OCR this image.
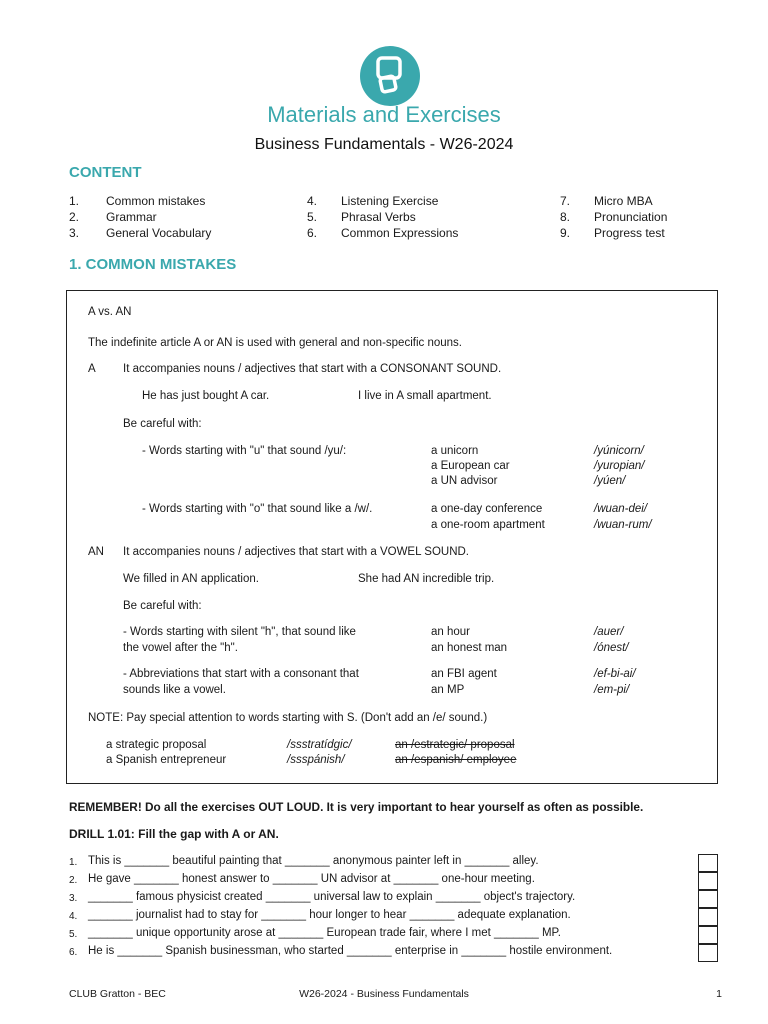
Materials and Exercises
Business Fundamentals - W26-2024
CONTENT
1.	Common mistakes
2.	Grammar
3.	General Vocabulary
4.	Listening Exercise
5.	Phrasal Verbs
6.	Common Expressions
7.	Micro MBA
8.	Pronunciation
9.	Progress test
1. COMMON MISTAKES
A vs. AN
The indefinite article A or AN is used with general and non-specific nouns.
A It accompanies nouns / adjectives that start with a CONSONANT SOUND.
He has just bought A car.	I live in A small apartment.
Be careful with:
- Words starting with "u" that sound /yu/:	a unicorn	/yúnicorn/
a European car	/yuropian/
a UN advisor	/yúen/
- Words starting with "o" that sound like a /w/.	a one-day conference	/wuan-dei/
a one-room apartment	/wuan-rum/
AN It accompanies nouns / adjectives that start with a VOWEL SOUND.
We filled in AN application.	She had AN incredible trip.
Be careful with:
- Words starting with silent "h", that sound like
the vowel after the "h".
an hour	/auer/
an honest man	/ónest/
- Abbreviations that start with a consonant that
sounds like a vowel.
an FBI agent	/ef-bi-ai/
an MP	/em-pi/
NOTE: Pay special attention to words starting with S. (Don't add an /e/ sound.)
a strategic proposal	/ssstratídgic/	an /estrategic/ proposal
a Spanish entrepreneur	/ssspánish/	an /espanish/ employee
REMEMBER! Do all the exercises OUT LOUD. It is very important to hear yourself as often as possible.
DRILL 1.01: Fill the gap with A or AN.
1. This is _______ beautiful painting that _______ anonymous painter left in _______ alley.
2. He gave _______ honest answer to _______ UN advisor at _______ one-hour meeting.
3. _______ famous physicist created _______ universal law to explain _______ object's trajectory.
4. _______ journalist had to stay for _______ hour longer to hear _______ adequate explanation.
5. _______ unique opportunity arose at _______ European trade fair, where I met _______ MP.
6. He is _______ Spanish businessman, who started _______ enterprise in _______ hostile environment.
CLUB Gratton - BEC	W26-2024 - Business Fundamentals	1
